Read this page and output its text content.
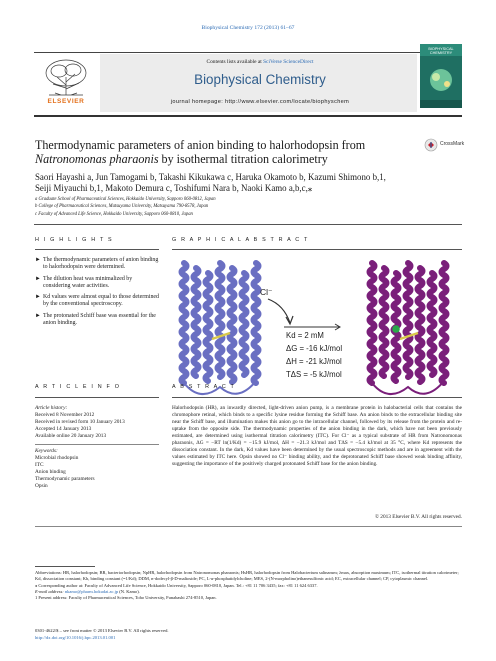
Biophysical Chemistry 172 (2013) 61–67
ELSEVIER
Contents lists available at SciVerse ScienceDirect
Biophysical Chemistry
journal homepage: http://www.elsevier.com/locate/biophyschem
BIOPHYSICAL CHEMISTRY
Thermodynamic parameters of anion binding to halorhodopsin from
Natronomonas pharaonis by isothermal titration calorimetry
CrossMark
Saori Hayashi a, Jun Tamogami b, Takashi Kikukawa c, Haruka Okamoto b, Kazumi Shimono b,1,
Seiji Miyauchi b,1, Makoto Demura c, Toshifumi Nara b, Naoki Kamo a,b,c,⁎
a Graduate School of Pharmaceutical Sciences, Hokkaido University, Sapporo 060-0812, Japan
b College of Pharmaceutical Sciences, Matsuyama University, Matsuyama 790-8578, Japan
c Faculty of Advanced Life Science, Hokkaido University, Sapporo 060-0810, Japan
H I G H L I G H T S	G R A P H I C A L A B S T R A C T
► The thermodynamic parameters of anion binding to halorhodopsin were determined.
► The dilution heat was minimalized by considering water activities.
► Kd values were almost equal to those determined by the conventional spectroscopy.
► The protonated Schiff base was essential for the anion binding.
Cl⁻
Kd = 2 mM
ΔG = -16 kJ/mol
ΔH = -21 kJ/mol
TΔS = -5 kJ/mol
A R T I C L E I N F O	A B S T R A C T
Article history:
Received 8 November 2012
Received in revised form 10 January 2013
Accepted 14 January 2013
Available online 20 January 2013
Keywords:
Microbial rhodopsin
ITC
Anion binding
Thermodynamic parameters
Opsin
Halorhodopsin (HR), an inwardly directed, light-driven anion pump, is a membrane protein in halobacterial cells that contains the chromophore retinal, which binds to a specific lysine residue forming the Schiff base. An anion binds to the extracellular binding site near the Schiff base, and illumination makes this anion go to the intracellular channel, followed by its release from the protein and re-uptake from the opposite side. The thermodynamic properties of the anion binding in the dark, which have not been previously estimated, are determined using isothermal titration calorimetry (ITC). For Cl⁻ as a typical substrate of HR from Natronomonas pharaonis, ΔG = −RT ln(1/Kd) = −15.9 kJ/mol, ΔH = −21.3 kJ/mol and TΔS = −5.4 kJ/mol at 35 °C, where Kd represents the dissociation constant. In the dark, Kd values have been determined by the usual spectroscopic methods and are in agreement with the values estimated by ITC here. Opsin showed no Cl⁻ binding ability, and the deprotonated Schiff base showed weak binding affinity, suggesting the importance of the positively charged protonated Schiff base for the anion binding.
© 2013 Elsevier B.V. All rights reserved.

Abbreviations: HR, halorhodopsin; BR, bacteriorhodopsin; NpHR, halorhodopsin from Natronomonas pharaonis; HsHR, halorhodopsin from Halobacterium salinarum; λmax, absorption maximum; ITC, isothermal titration calorimeter; Kd, dissociation constant; Kb, binding constant (=1/Kd); DDM, n-dodecyl-β-D-maltoside; PC, L-α-phosphatidylcholine; MES, 2-(N-morpholino)ethanesulfonic acid; EC, extracellular channel; CP, cytoplasmic channel.

⁎ Corresponding author at: Faculty of Advanced Life Science, Hokkaido University, Sapporo 060-0810, Japan. Tel.: +81 11 706 3435; fax: +81 11 624 6337.

E-mail address: nkamo@pharm.hokudai.ac.jp (N. Kamo).

1 Present address: Faculty of Pharmaceutical Sciences, Toho University, Funabashi 274-8510, Japan.

0301-4622/$ – see front matter © 2013 Elsevier B.V. All rights reserved.
http://dx.doi.org/10.1016/j.bpc.2013.01.001
